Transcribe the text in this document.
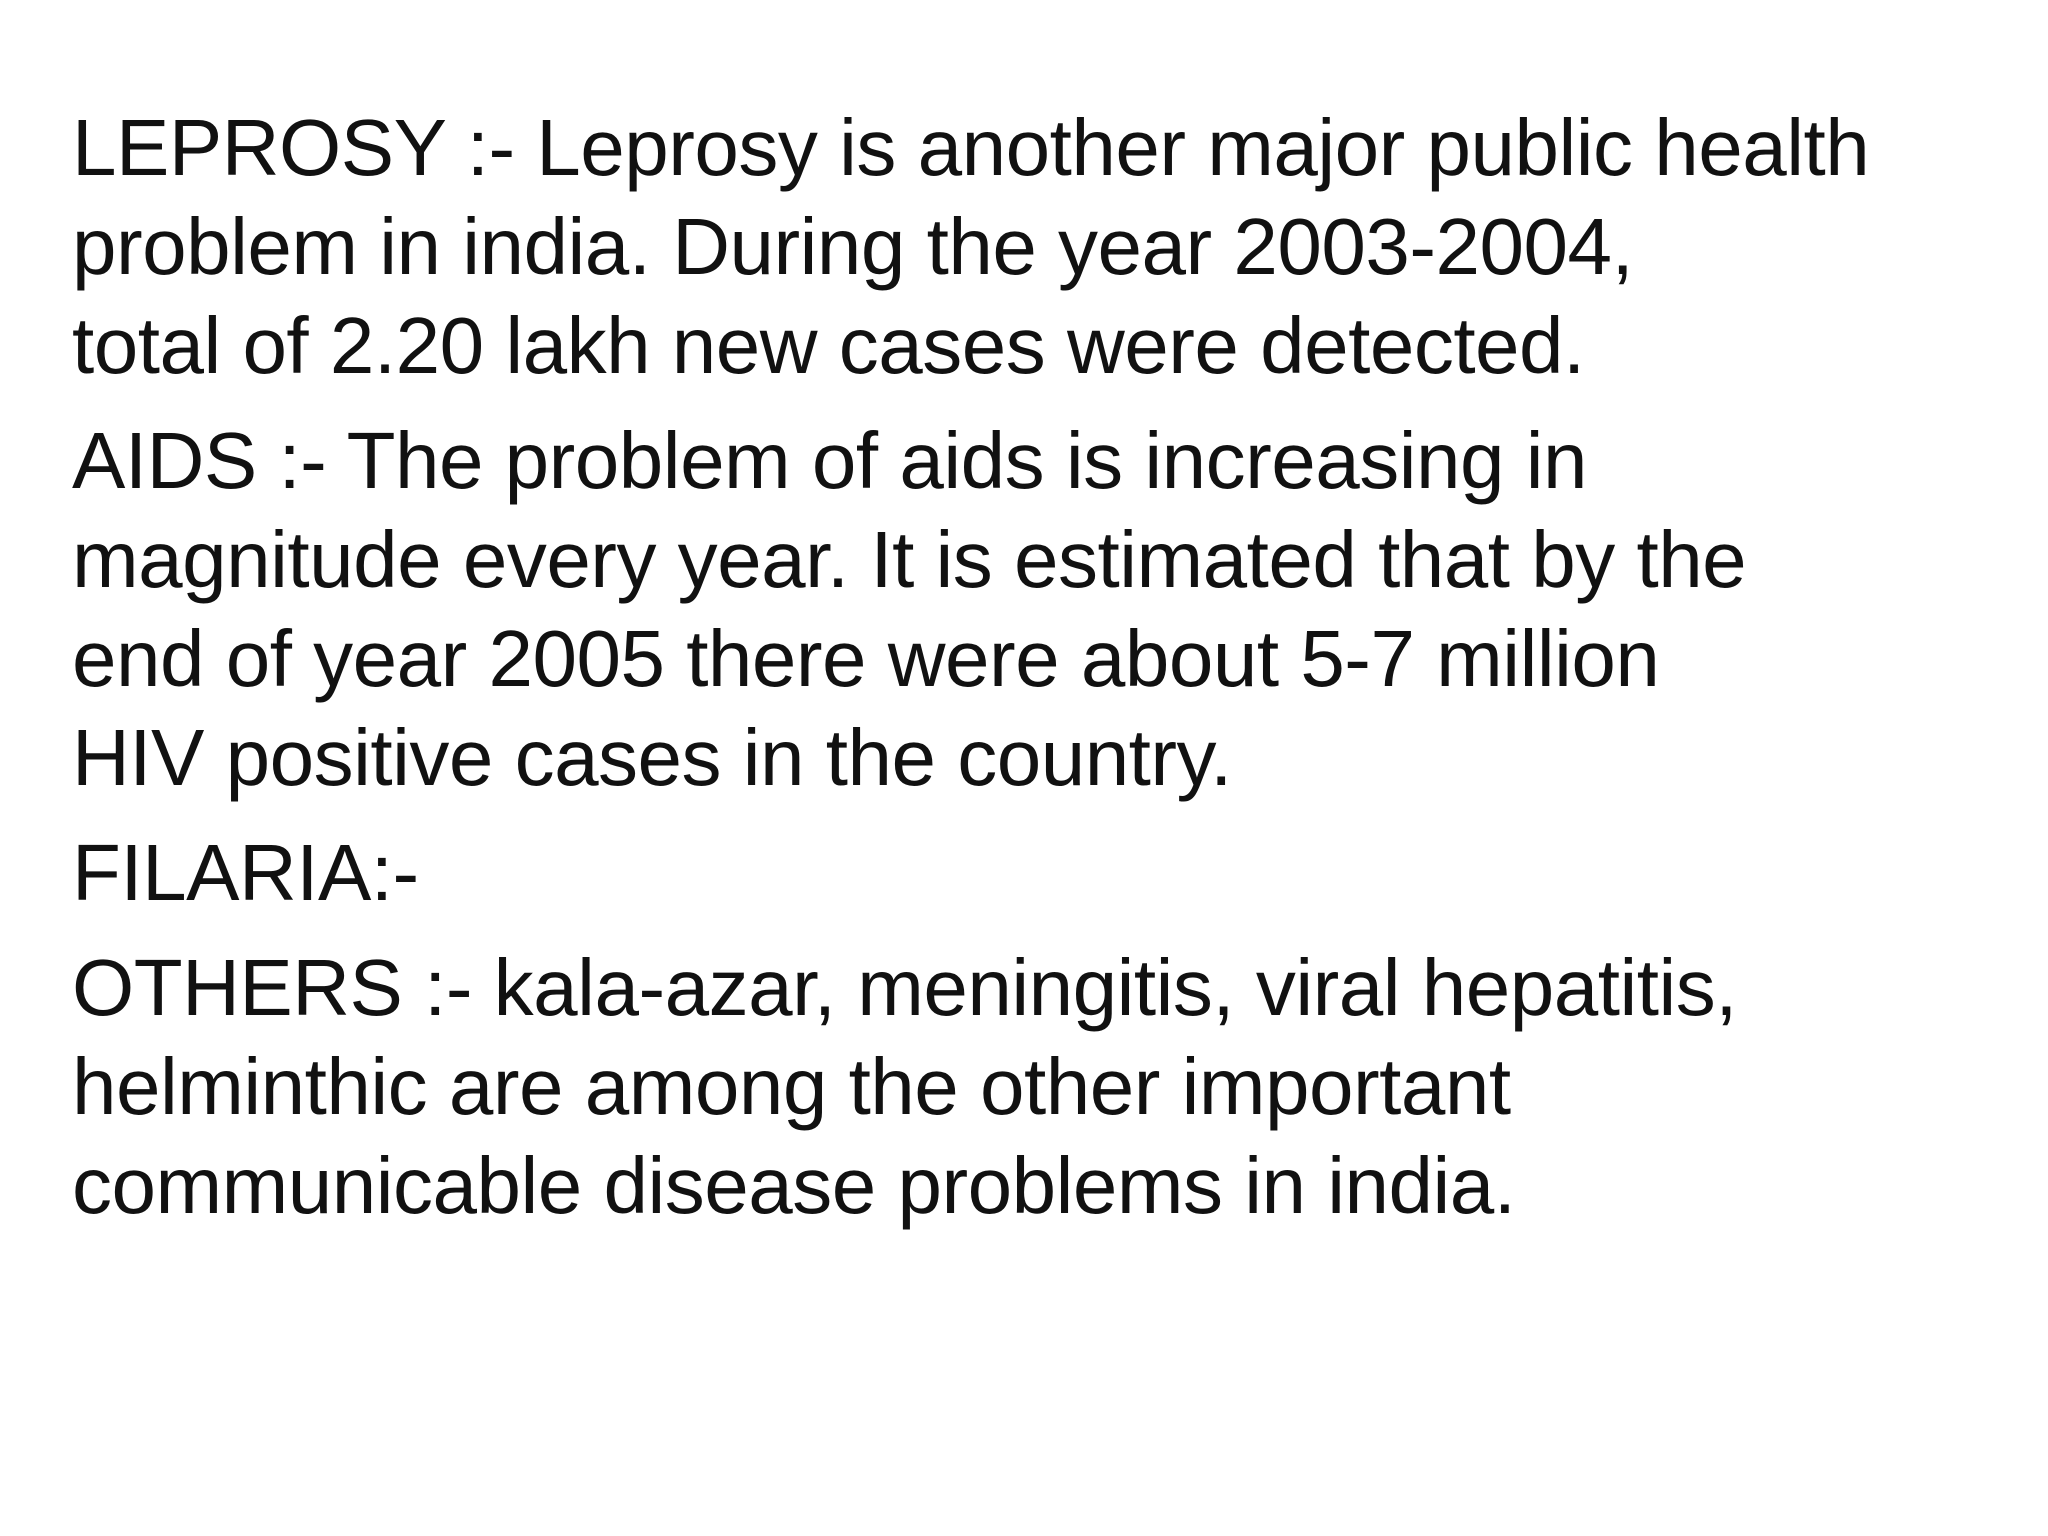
LEPROSY :- Leprosy is another major public health
problem in india. During the year 2003-2004,
total of 2.20 lakh new cases were detected.

AIDS :- The problem of aids is increasing in
magnitude every year. It is estimated that by the
end of year 2005 there were about 5-7 million
HIV positive cases in the country.

FILARIA:-

OTHERS :- kala-azar, meningitis, viral hepatitis,
helminthic are among the other important
communicable disease problems in india.
